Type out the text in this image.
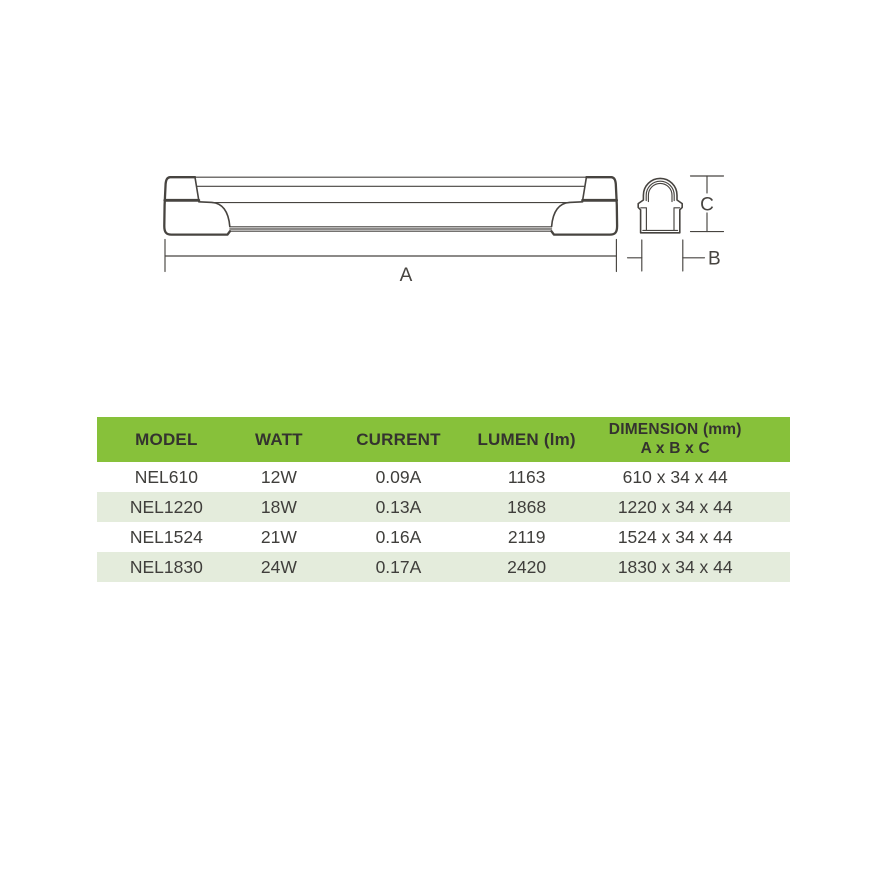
A
C
B
MODEL	WATT	CURRENT	LUMEN (lm)
DIMENSION (mm)
A x B x C
NEL610	12W	0.09A	1163	610 x 34 x 44
NEL1220	18W	0.13A	1868	1220 x 34 x 44
NEL1524	21W	0.16A	2119	1524 x 34 x 44
NEL1830	24W	0.17A	2420	1830 x 34 x 44
